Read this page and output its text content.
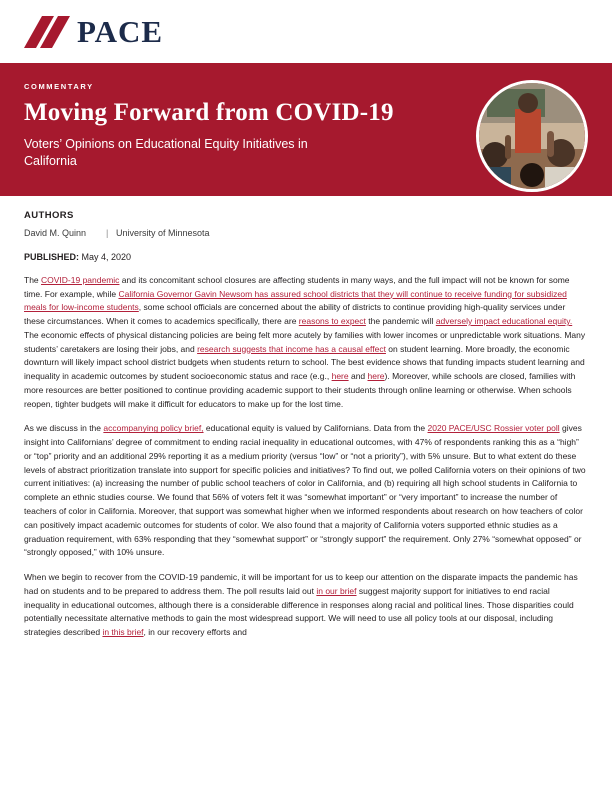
PACE
COMMENTARY
Moving Forward from COVID-19
Voters’ Opinions on Educational Equity Initiatives in California
AUTHORS
David M. Quinn	| University of Minnesota
PUBLISHED: May 4, 2020

The COVID-19 pandemic and its concomitant school closures are affecting students in many ways, and the full impact will not be known for some time. For example, while California Governor Gavin Newsom has assured school districts that they will continue to receive funding for subsidized meals for low-income students, some school officials are concerned about the ability of districts to continue providing high-quality services under these circumstances. When it comes to academics specifically, there are reasons to expect the pandemic will adversely impact educational equity. The economic effects of physical distancing policies are being felt more acutely by families with lower incomes or unpredictable work situations. Many students’ caretakers are losing their jobs, and research suggests that income has a causal effect on student learning. More broadly, the economic downturn will likely impact school district budgets when students return to school. The best evidence shows that funding impacts student learning and inequality in academic outcomes by student socioeconomic status and race (e.g., here and here). Moreover, while schools are closed, families with more resources are better positioned to continue providing academic support to their students through online learning or otherwise. When schools reopen, tighter budgets will make it difficult for educators to make up for the lost time.

As we discuss in the accompanying policy brief, educational equity is valued by Californians. Data from the 2020 PACE/USC Rossier voter poll gives insight into Californians’ degree of commitment to ending racial inequality in educational outcomes, with 47% of respondents ranking this as a “high” or “top” priority and an additional 29% reporting it as a medium priority (versus “low” or “not a priority”), with 5% unsure. But to what extent do these levels of abstract prioritization translate into support for specific policies and initiatives? To find out, we polled California voters on their opinions of two current initiatives: (a) increasing the number of public school teachers of color in California, and (b) requiring all high school students in California to complete an ethnic studies course. We found that 56% of voters felt it was “somewhat important” or “very important” to increase the number of teachers of color in California. Moreover, that support was somewhat higher when we informed respondents about research on how teachers of color can positively impact academic outcomes for students of color. We also found that a majority of California voters supported ethnic studies as a graduation requirement, with 63% responding that they “somewhat support” or “strongly support” the requirement. Only 27% “somewhat opposed” or “strongly opposed,” with 10% unsure.

When we begin to recover from the COVID-19 pandemic, it will be important for us to keep our attention on the disparate impacts the pandemic has had on students and to be prepared to address them. The poll results laid out in our brief suggest majority support for initiatives to end racial inequality in educational outcomes, although there is a considerable difference in responses along racial and political lines. Those disparities could potentially necessitate alternative methods to gain the most widespread support. We will need to use all policy tools at our disposal, including strategies described in this brief, in our recovery efforts and
